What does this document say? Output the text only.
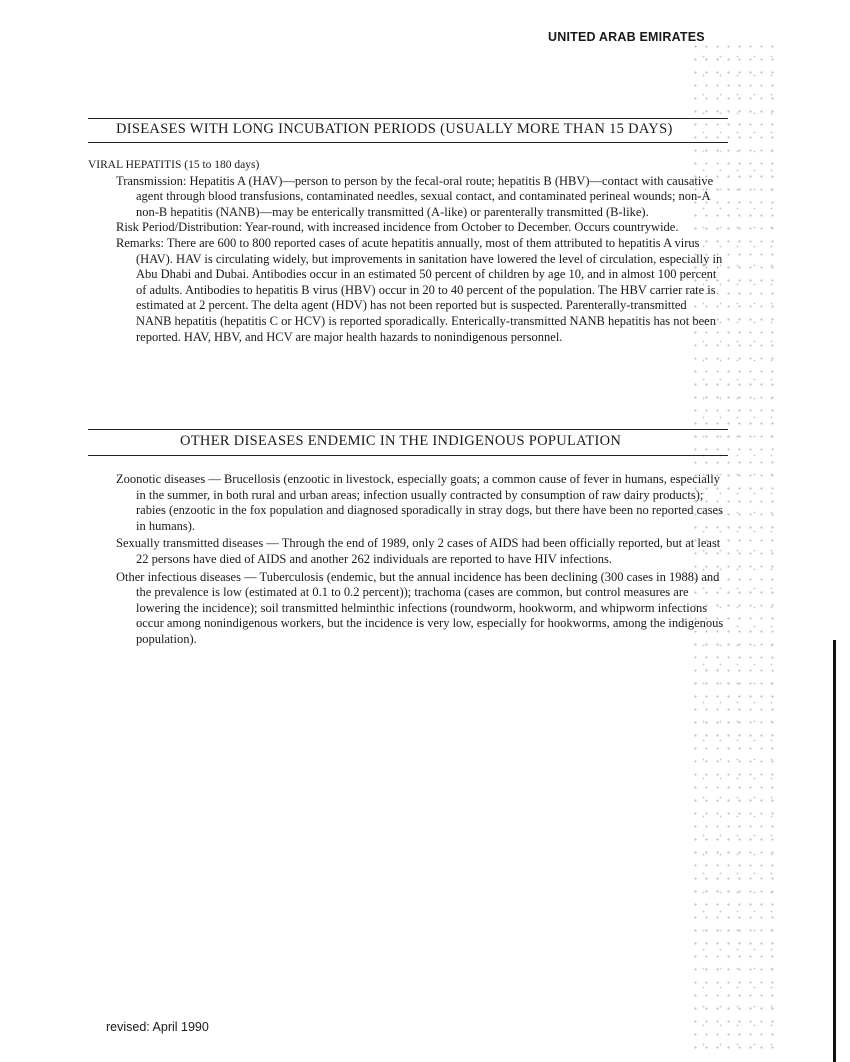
UNITED ARAB EMIRATES
DISEASES WITH LONG INCUBATION PERIODS (USUALLY MORE THAN 15 DAYS)

VIRAL HEPATITIS (15 to 180 days)

Transmission: Hepatitis A (HAV)—person to person by the fecal-oral route; hepatitis B (HBV)—contact with causative agent through blood transfusions, contaminated needles, sexual contact, and contaminated perineal wounds; non-A non-B hepatitis (NANB)—may be enterically transmitted (A-like) or parenterally transmitted (B-like).

Risk Period/Distribution: Year-round, with increased incidence from October to December. Occurs countrywide.

Remarks: There are 600 to 800 reported cases of acute hepatitis annually, most of them attributed to hepatitis A virus (HAV). HAV is circulating widely, but improvements in sanitation have lowered the level of circulation, especially in Abu Dhabi and Dubai. Antibodies occur in an estimated 50 percent of children by age 10, and in almost 100 percent of adults. Antibodies to hepatitis B virus (HBV) occur in 20 to 40 percent of the population. The HBV carrier rate is estimated at 2 percent. The delta agent (HDV) has not been reported but is suspected. Parenterally-transmitted NANB hepatitis (hepatitis C or HCV) is reported sporadically. Enterically-transmitted NANB hepatitis has not been reported. HAV, HBV, and HCV are major health hazards to nonindigenous personnel.

OTHER DISEASES ENDEMIC IN THE INDIGENOUS POPULATION

Zoonotic diseases — Brucellosis (enzootic in livestock, especially goats; a common cause of fever in humans, especially in the summer, in both rural and urban areas; infection usually contracted by consumption of raw dairy products); rabies (enzootic in the fox population and diagnosed sporadically in stray dogs, but there have been no reported cases in humans).

Sexually transmitted diseases — Through the end of 1989, only 2 cases of AIDS had been officially reported, but at least 22 persons have died of AIDS and another 262 individuals are reported to have HIV infections.

Other infectious diseases — Tuberculosis (endemic, but the annual incidence has been declining (300 cases in 1988) and the prevalence is low (estimated at 0.1 to 0.2 percent)); trachoma (cases are common, but control measures are lowering the incidence); soil transmitted helminthic infections (roundworm, hookworm, and whipworm infections occur among nonindigenous workers, but the incidence is very low, especially for hookworms, among the indigenous population).

revised: April 1990
